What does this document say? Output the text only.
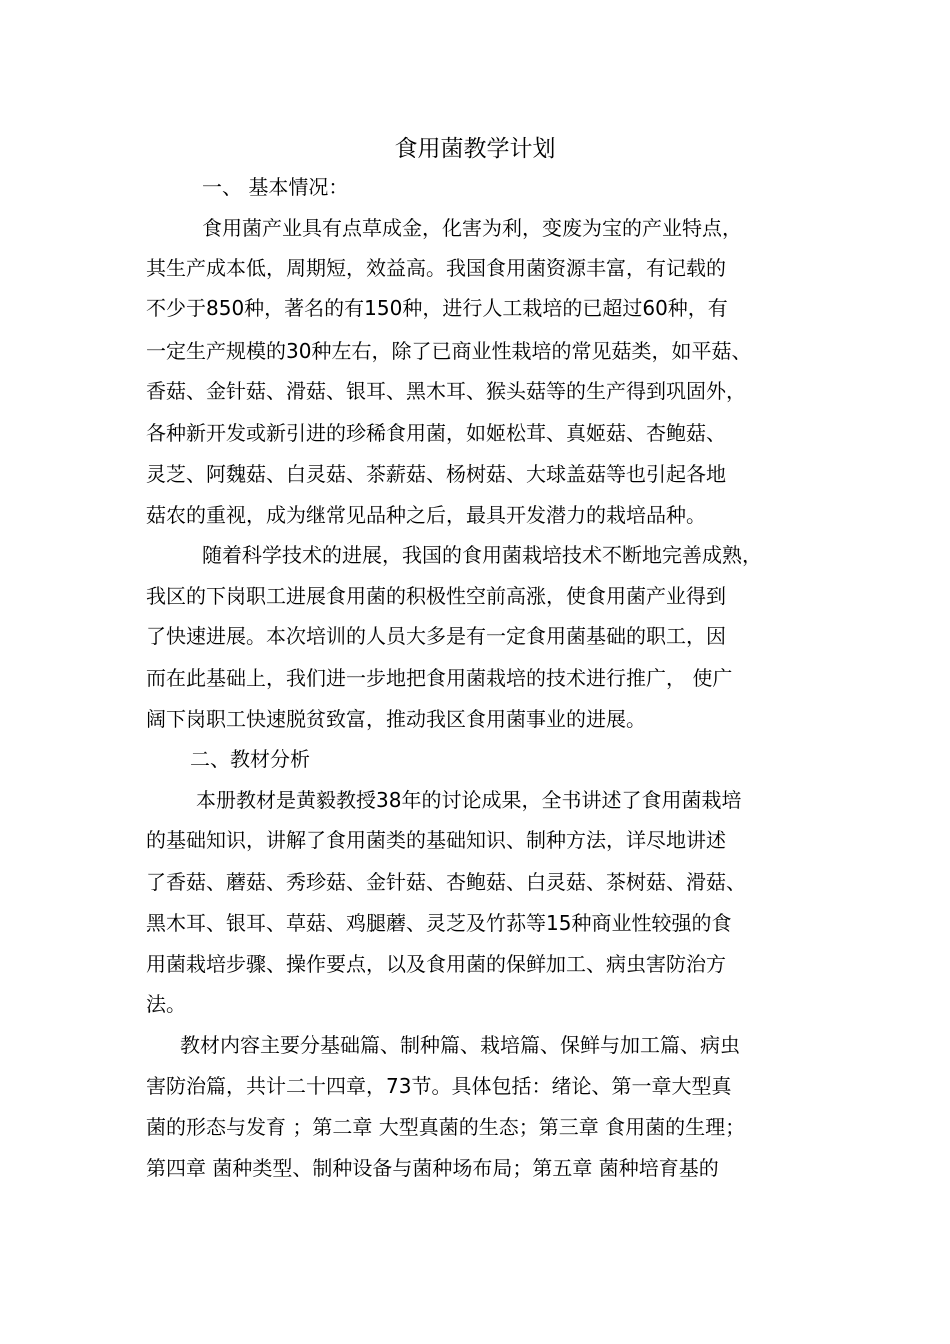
食用菌教学计划
一、 基本情况：
食用菌产业具有点草成金，化害为利，变废为宝的产业特点，
其生产成本低，周期短，效益高。我国食用菌资源丰富，有记载的
不少于850种，著名的有150种，进行人工栽培的已超过60种，有
一定生产规模的30种左右，除了已商业性栽培的常见菇类，如平菇、
香菇、金针菇、滑菇、银耳、黑木耳、猴头菇等的生产得到巩固外，
各种新开发或新引进的珍稀食用菌，如姬松茸、真姬菇、杏鲍菇、
灵芝、阿魏菇、白灵菇、茶薪菇、杨树菇、大球盖菇等也引起各地
菇农的重视，成为继常见品种之后，最具开发潜力的栽培品种。
随着科学技术的进展，我国的食用菌栽培技术不断地完善成熟，
我区的下岗职工进展食用菌的积极性空前高涨，使食用菌产业得到
了快速进展。本次培训的人员大多是有一定食用菌基础的职工，因
而在此基础上，我们进一步地把食用菌栽培的技术进行推广， 使广
阔下岗职工快速脱贫致富，推动我区食用菌事业的进展。
二、教材分析
本册教材是黄毅教授38年的讨论成果，全书讲述了食用菌栽培
的基础知识，讲解了食用菌类的基础知识、制种方法，详尽地讲述
了香菇、蘑菇、秀珍菇、金针菇、杏鲍菇、白灵菇、茶树菇、滑菇、
黑木耳、银耳、草菇、鸡腿蘑、灵芝及竹荪等15种商业性较强的食
用菌栽培步骤、操作要点，以及食用菌的保鲜加工、病虫害防治方
法。
教材内容主要分基础篇、制种篇、栽培篇、保鲜与加工篇、病虫
害防治篇，共计二十四章，73节。具体包括：绪论、第一章大型真
菌的形态与发育 ；第二章 大型真菌的生态；第三章 食用菌的生理；
第四章 菌种类型、制种设备与菌种场布局；第五章 菌种培育基的
